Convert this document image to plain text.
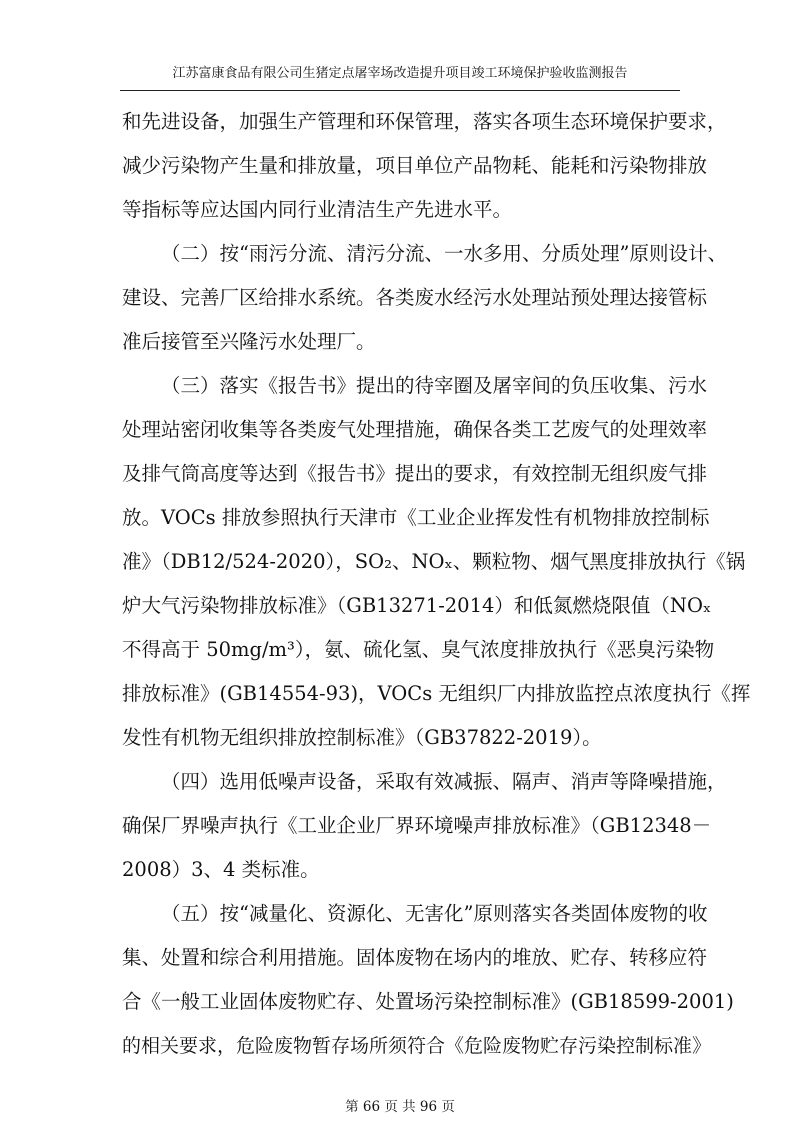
江苏富康食品有限公司生猪定点屠宰场改造提升项目竣工环境保护验收监测报告
和先进设备，加强生产管理和环保管理，落实各项生态环境保护要求，
减少污染物产生量和排放量，项目单位产品物耗、能耗和污染物排放
等指标等应达国内同行业清洁生产先进水平。
（二）按“雨污分流、清污分流、一水多用、分质处理”原则设计、
建设、完善厂区给排水系统。各类废水经污水处理站预处理达接管标
准后接管至兴隆污水处理厂。
（三）落实《报告书》提出的待宰圈及屠宰间的负压收集、污水
处理站密闭收集等各类废气处理措施，确保各类工艺废气的处理效率
及排气筒高度等达到《报告书》提出的要求，有效控制无组织废气排
放。VOCs 排放参照执行天津市《工业企业挥发性有机物排放控制标
准》（DB12/524-2020），SO₂、NOₓ、颗粒物、烟气黑度排放执行《锅
炉大气污染物排放标准》（GB13271-2014）和低氮燃烧限值（NOₓ
不得高于 50mg/m³），氨、硫化氢、臭气浓度排放执行《恶臭污染物
排放标准》(GB14554-93)，VOCs 无组织厂内排放监控点浓度执行《挥
发性有机物无组织排放控制标准》（GB37822-2019）。
（四）选用低噪声设备，采取有效减振、隔声、消声等降噪措施，
确保厂界噪声执行《工业企业厂界环境噪声排放标准》（GB12348－
2008）3、4 类标准。
（五）按“减量化、资源化、无害化”原则落实各类固体废物的收
集、处置和综合利用措施。固体废物在场内的堆放、贮存、转移应符
合《一般工业固体废物贮存、处置场污染控制标准》(GB18599-2001)
的相关要求，危险废物暂存场所须符合《危险废物贮存污染控制标准》
第 66 页 共 96 页
